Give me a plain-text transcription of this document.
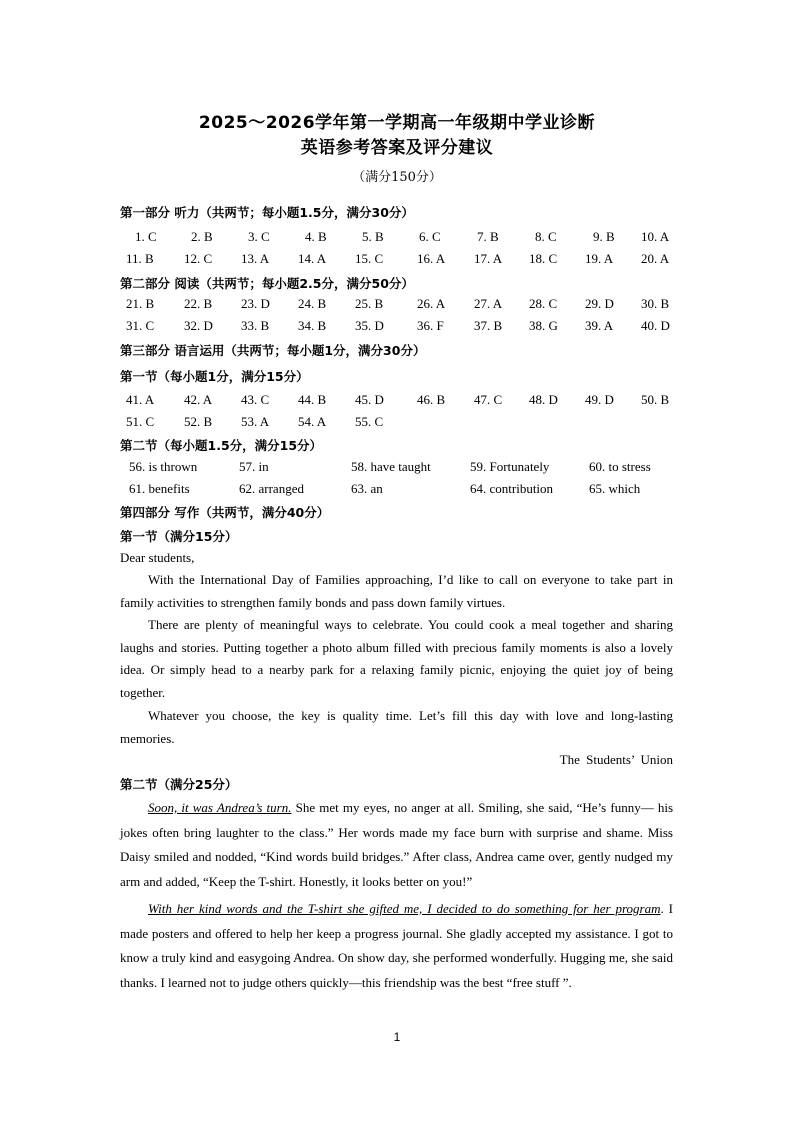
2025～2026学年第一学期高一年级期中学业诊断
英语参考答案及评分建议
（满分150分）
第一部分 听力（共两节；每小题1.5分，满分30分）
1. C	2. B	3. C	4. B	5. B	6. C	7. B	8. C	9. B 10. A
11. B 12. C 13. A 14. A 15. C	16. A 17. A 18. C 19. A 20. A
第二部分 阅读（共两节；每小题2.5分，满分50分）
21. B 22. B 23. D 24. B 25. B	26. A 27. A 28. C 29. D 30. B
31. C 32. D 33. B 34. B 35. D	36. F 37. B 38. G 39. A 40. D
第三部分 语言运用（共两节；每小题1分，满分30分）
第一节（每小题1分，满分15分）
41. A 42. A 43. C 44. B 45. D	46. B 47. C 48. D 49. D 50. B
51. C 52. B 53. A 54. A 55. C
第二节（每小题1.5分，满分15分）
56. is thrown	57. in	58. have taught	59. Fortunately	60. to stress
61. benefits	62. arranged	63. an	64. contribution	65. which
第四部分 写作（共两节，满分40分）
第一节（满分15分）
Dear students,
With the International Day of Families approaching, I’d like to call on everyone to take part in family activities to strengthen family bonds and pass down family virtues.
There are plenty of meaningful ways to celebrate. You could cook a meal together and sharing laughs and stories. Putting together a photo album filled with precious family moments is also a lovely idea. Or simply head to a nearby park for a relaxing family picnic, enjoying the quiet joy of being together.
Whatever you choose, the key is quality time. Let’s fill this day with love and long-lasting memories.
The Students’ Union
第二节（满分25分）
Soon, it was Andrea’s turn. She met my eyes, no anger at all. Smiling, she said, “He’s funny— his jokes often bring laughter to the class.” Her words made my face burn with surprise and shame. Miss Daisy smiled and nodded, “Kind words build bridges.” After class, Andrea came over, gently nudged my arm and added, “Keep the T-shirt. Honestly, it looks better on you!”
With her kind words and the T-shirt she gifted me, I decided to do something for her program. I made posters and offered to help her keep a progress journal. She gladly accepted my assistance. I got to know a truly kind and easygoing Andrea. On show day, she performed wonderfully. Hugging me, she said thanks. I learned not to judge others quickly—this friendship was the best “free stuff ”.
1
